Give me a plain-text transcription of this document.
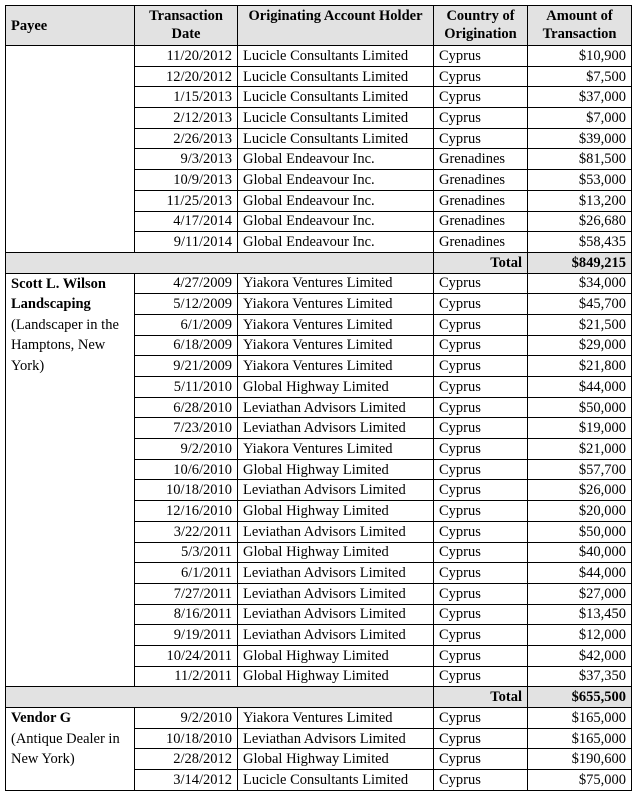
Payee	Transaction Date	Originating Account Holder	Country of Origination	Amount of Transaction

	11/20/2012	Lucicle Consultants Limited	Cyprus	$10,900
	12/20/2012	Lucicle Consultants Limited	Cyprus	$7,500
	1/15/2013	Lucicle Consultants Limited	Cyprus	$37,000
	2/12/2013	Lucicle Consultants Limited	Cyprus	$7,000
	2/26/2013	Lucicle Consultants Limited	Cyprus	$39,000
	9/3/2013	Global Endeavour Inc.	Grenadines	$81,500
	10/9/2013	Global Endeavour Inc.	Grenadines	$53,000
	11/25/2013	Global Endeavour Inc.	Grenadines	$13,200
	4/17/2014	Global Endeavour Inc.	Grenadines	$26,680
	9/11/2014	Global Endeavour Inc.	Grenadines	$58,435
			Total	$849,215

Scott L. Wilson Landscaping
(Landscaper in the Hamptons, New York)	4/27/2009	Yiakora Ventures Limited	Cyprus	$34,000
	5/12/2009	Yiakora Ventures Limited	Cyprus	$45,700
	6/1/2009	Yiakora Ventures Limited	Cyprus	$21,500
	6/18/2009	Yiakora Ventures Limited	Cyprus	$29,000
	9/21/2009	Yiakora Ventures Limited	Cyprus	$21,800
	5/11/2010	Global Highway Limited	Cyprus	$44,000
	6/28/2010	Leviathan Advisors Limited	Cyprus	$50,000
	7/23/2010	Leviathan Advisors Limited	Cyprus	$19,000
	9/2/2010	Yiakora Ventures Limited	Cyprus	$21,000
	10/6/2010	Global Highway Limited	Cyprus	$57,700
	10/18/2010	Leviathan Advisors Limited	Cyprus	$26,000
	12/16/2010	Global Highway Limited	Cyprus	$20,000
	3/22/2011	Leviathan Advisors Limited	Cyprus	$50,000
	5/3/2011	Global Highway Limited	Cyprus	$40,000
	6/1/2011	Leviathan Advisors Limited	Cyprus	$44,000
	7/27/2011	Leviathan Advisors Limited	Cyprus	$27,000
	8/16/2011	Leviathan Advisors Limited	Cyprus	$13,450
	9/19/2011	Leviathan Advisors Limited	Cyprus	$12,000
	10/24/2011	Global Highway Limited	Cyprus	$42,000
	11/2/2011	Global Highway Limited	Cyprus	$37,350
			Total	$655,500

Vendor G
(Antique Dealer in New York)	9/2/2010	Yiakora Ventures Limited	Cyprus	$165,000
	10/18/2010	Leviathan Advisors Limited	Cyprus	$165,000
	2/28/2012	Global Highway Limited	Cyprus	$190,600
	3/14/2012	Lucicle Consultants Limited	Cyprus	$75,000
